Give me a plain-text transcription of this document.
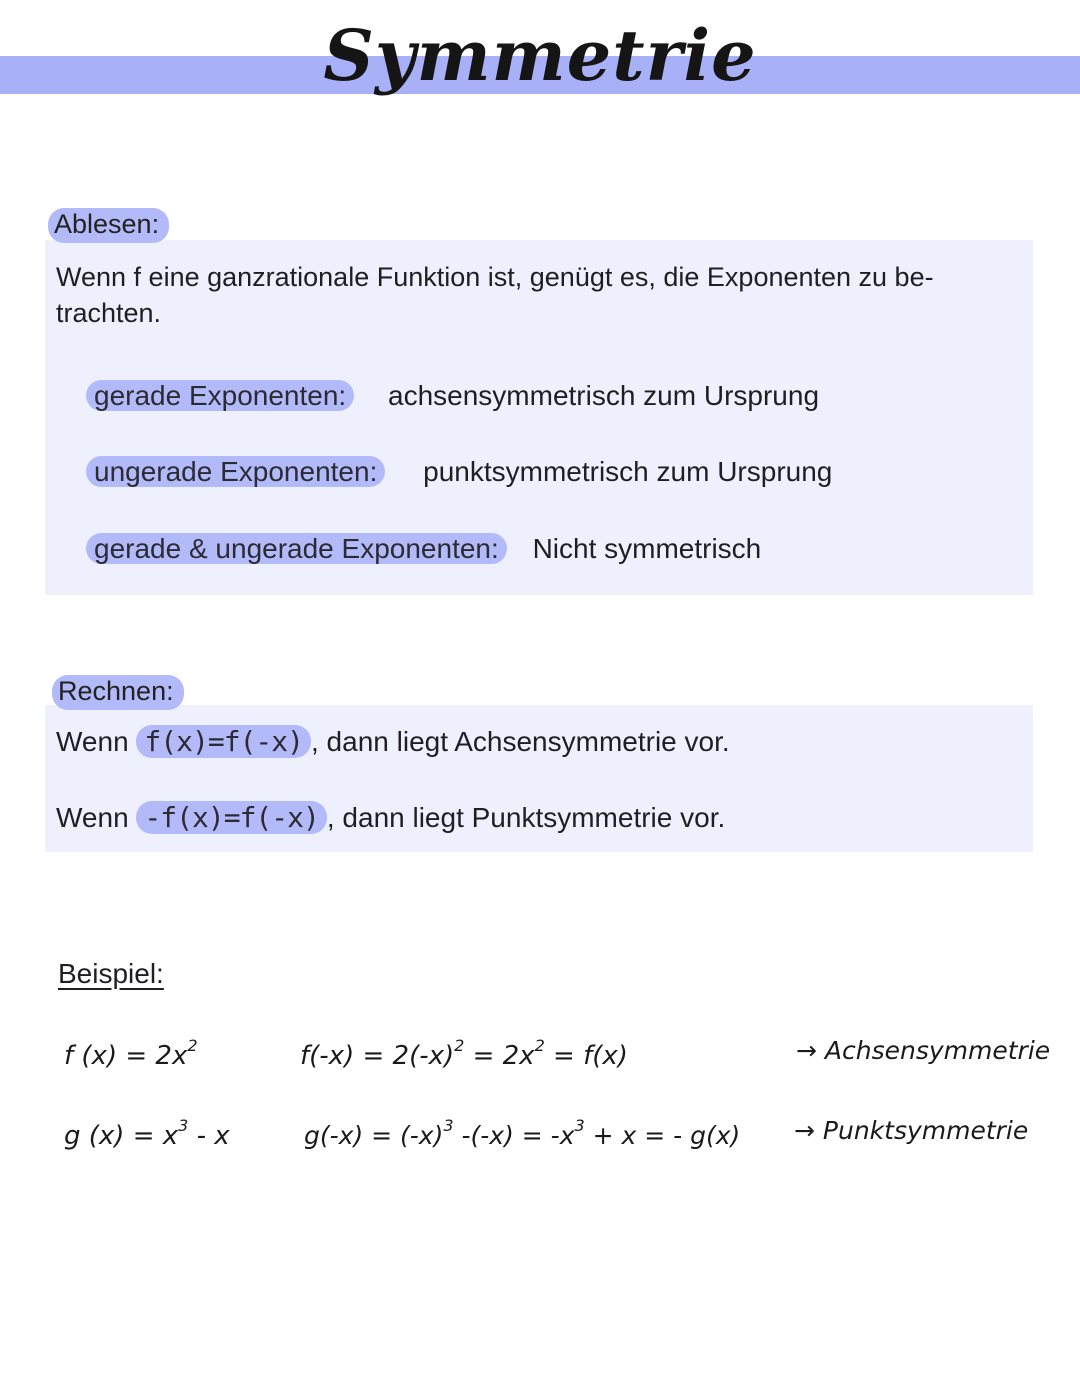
Symmetrie
Ablesen:
Wenn f eine ganzrationale Funktion ist, genügt es, die Exponenten zu be-
trachten.
gerade Exponenten: achsensymmetrisch zum Ursprung
ungerade Exponenten: punktsymmetrisch zum Ursprung
gerade & ungerade Exponenten: Nicht symmetrisch
Rechnen:
Wenn f(x)=f(-x) , dann liegt Achsensymmetrie vor.
Wenn -f(x)=f(-x) , dann liegt Punktsymmetrie vor.
Beispiel:
f $(x) = 2x^2$	$f(-x) = 2(-x)^2 = 2x^2 = f(x)$	→ Achsensymmetrie
g $(x) = x^3 - x$	$g(-x) = (-x)^3$ $-(-x) = -x^3 + x$ = - g(x) → Punktsymmetrie
